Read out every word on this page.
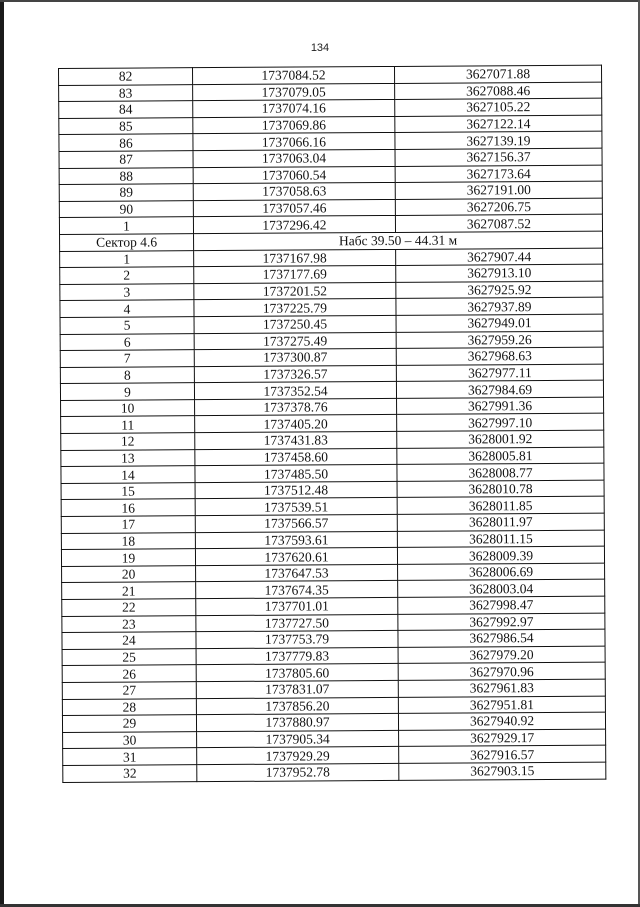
134
82	1737084.52	3627071.88
83	1737079.05	3627088.46
84	1737074.16	3627105.22
85	1737069.86	3627122.14
86	1737066.16	3627139.19
87	1737063.04	3627156.37
88	1737060.54	3627173.64
89	1737058.63	3627191.00
90	1737057.46	3627206.75
1	1737296.42	3627087.52
Сектор 4.6	Набс 39.50 – 44.31 м	
1	1737167.98	3627907.44
2	1737177.69	3627913.10
3	1737201.52	3627925.92
4	1737225.79	3627937.89
5	1737250.45	3627949.01
6	1737275.49	3627959.26
7	1737300.87	3627968.63
8	1737326.57	3627977.11
9	1737352.54	3627984.69
10	1737378.76	3627991.36
11	1737405.20	3627997.10
12	1737431.83	3628001.92
13	1737458.60	3628005.81
14	1737485.50	3628008.77
15	1737512.48	3628010.78
16	1737539.51	3628011.85
17	1737566.57	3628011.97
18	1737593.61	3628011.15
19	1737620.61	3628009.39
20	1737647.53	3628006.69
21	1737674.35	3628003.04
22	1737701.01	3627998.47
23	1737727.50	3627992.97
24	1737753.79	3627986.54
25	1737779.83	3627979.20
26	1737805.60	3627970.96
27	1737831.07	3627961.83
28	1737856.20	3627951.81
29	1737880.97	3627940.92
30	1737905.34	3627929.17
31	1737929.29	3627916.57
32	1737952.78	3627903.15
